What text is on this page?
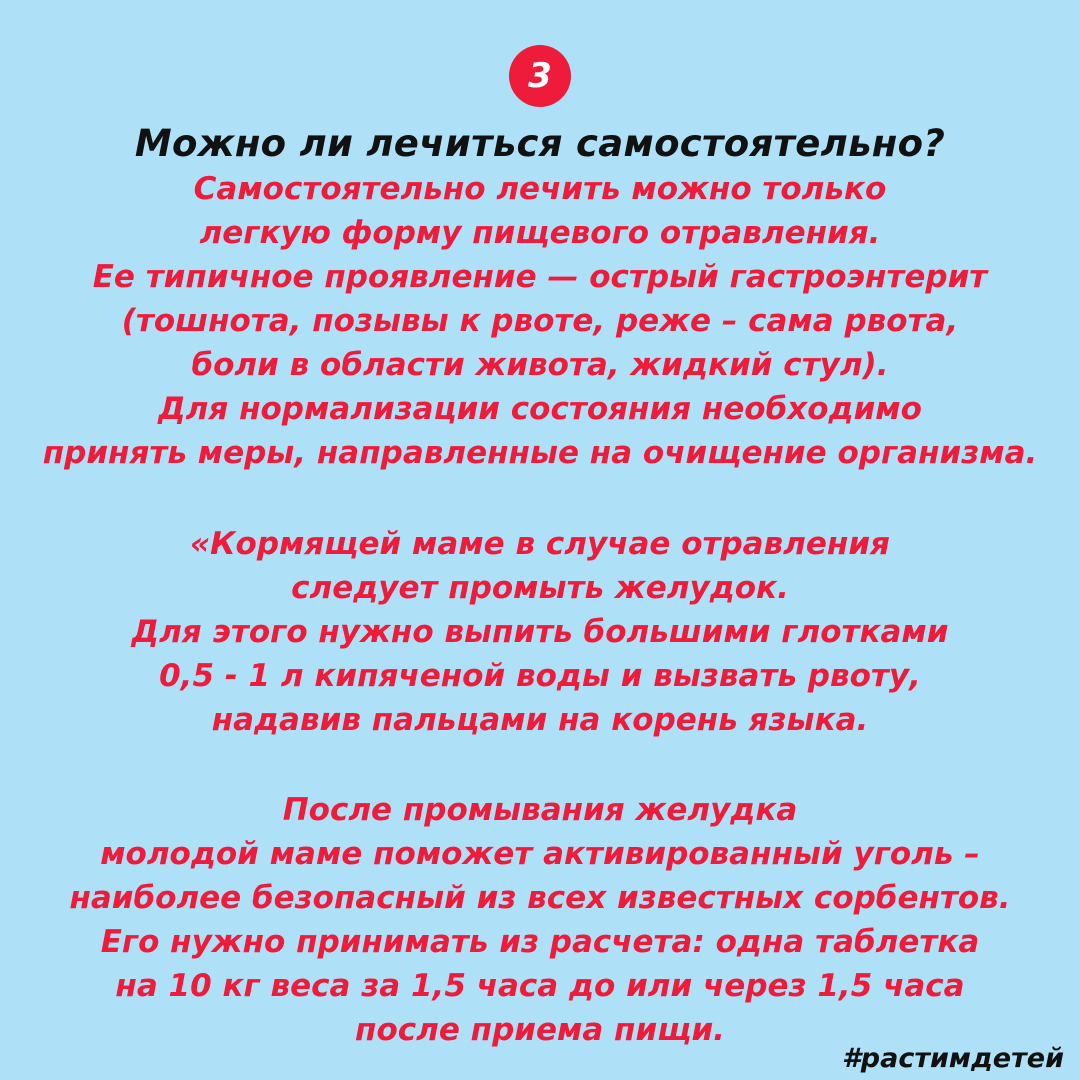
3
Можно ли лечиться самостоятельно?
Самостоятельно лечить можно только
легкую форму пищевого отравления.
Ее типичное проявление — острый гастроэнтерит
(тошнота, позывы к рвоте, реже – сама рвота,
боли в области живота, жидкий стул).
Для нормализации состояния необходимо
принять меры, направленные на очищение организма.
«Кормящей маме в случае отравления
следует промыть желудок.
Для этого нужно выпить большими глотками
0,5 - 1 л кипяченой воды и вызвать рвоту,
надавив пальцами на корень языка.
После промывания желудка
молодой маме поможет активированный уголь –
наиболее безопасный из всех известных сорбентов.
Его нужно принимать из расчета: одна таблетка
на 10 кг веса за 1,5 часа до или через 1,5 часа
после приема пищи.
#растимдетей
